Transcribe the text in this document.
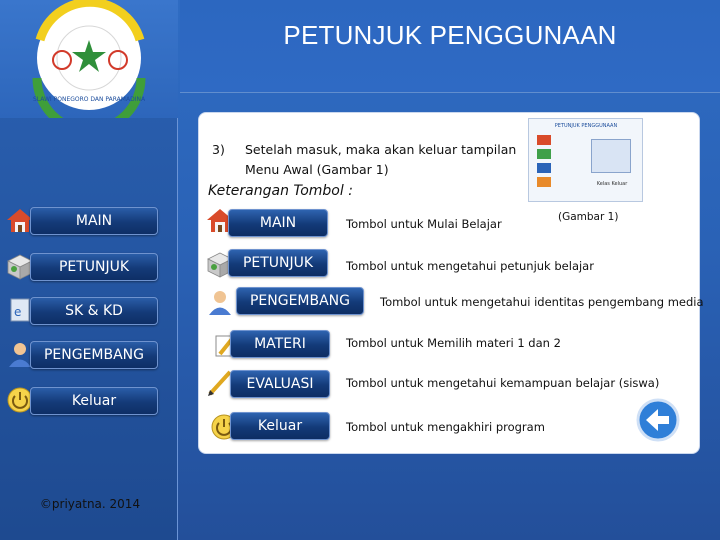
SLAWI PONEGORO DAN PARAMADINA
PETUNJUK PENGGUNAAN
e
MAIN
PETUNJUK
SK & KD
PENGEMBANG
Keluar
3) Setelah masuk, maka akan keluar tampilan
Menu Awal (Gambar 1)
Keterangan Tombol :
PETUNJUK PENGGUNAAN
Kelas Keluar
(Gambar 1)
MAIN
PETUNJUK
PENGEMBANG
MATERI
EVALUASI
Keluar
Tombol untuk Mulai Belajar
Tombol untuk mengetahui petunjuk belajar
Tombol untuk mengetahui identitas pengembang media
Tombol untuk Memilih materi 1 dan 2
Tombol untuk mengetahui kemampuan belajar (siswa)
Tombol untuk mengakhiri program
©priyatna. 2014
